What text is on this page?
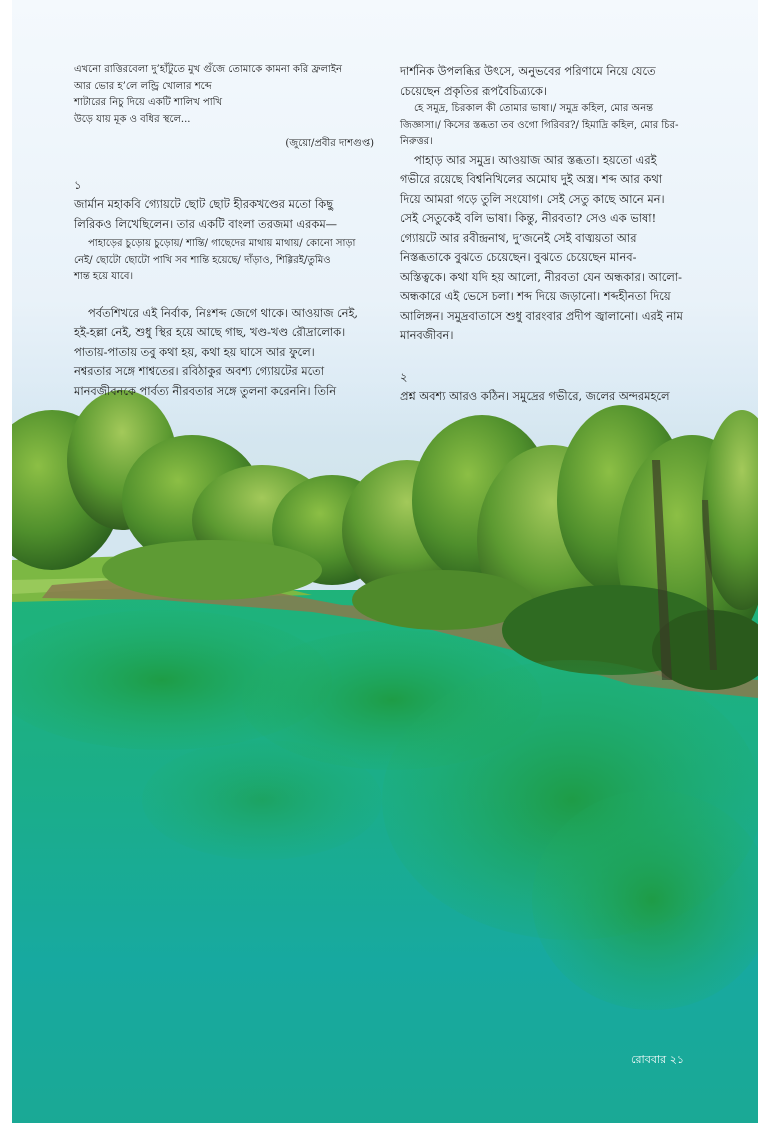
এখনো রাত্তিরবেলা দু’হাঁটুতে মুখ গুঁজে তোমাকে কামনা করি ফ্রলাইন

আর ভোর হ’লে লন্ড্রি খোলার শব্দে

শাটারের নিচু দিয়ে একটি শালিখ পাখি

উড়ে যায় মূক ও বধির স্থলে...

(জুয়ো/প্রবীর দাশগুপ্ত)

১

জার্মান মহাকবি গ্যোয়টে ছোট ছোট হীরকখণ্ডের মতো কিছু

লিরিকও লিখেছিলেন। তার একটি বাংলা তরজমা এরকম—

পাহাড়ের চুড়োয় চুড়োয়/ শান্তি/ গাছেদের মাথায় মাথায়/ কোনো সাড়া

নেই/ ছোটো ছোটো পাখি সব শান্তি হয়েছে/ দাঁড়াও, শিগ্গিরই/তুমিও

শান্ত হয়ে যাবে।

পর্বতশিখরে এই নির্বাক, নিঃশব্দ জেগে থাকে। আওয়াজ নেই,

হই-হল্লা নেই, শুধু স্থির হয়ে আছে গাছ, খণ্ড-খণ্ড রৌদ্রালোক।

পাতায়-পাতায় তবু কথা হয়, কথা হয় ঘাসে আর ফুলে।

নশ্বরতার সঙ্গে শাশ্বতের। রবিঠাকুর অবশ্য গ্যোয়টের মতো

মানবজীবনকে পার্বত্য নীরবতার সঙ্গে তুলনা করেননি। তিনি

দার্শনিক উপলব্ধির উৎসে, অনুভবের পরিণামে নিয়ে যেতে

চেয়েছেন প্রকৃতির রূপবৈচিত্র্যকে।

হে সমুদ্র, চিরকাল কী তোমার ভাষা।/ সমুদ্র কহিল, মোর অনন্ত

জিজ্ঞাসা।/ কিসের স্তব্ধতা তব ওগো গিরিবর?/ হিমাদ্রি কহিল, মোর চির-

নিরুত্তর।

পাহাড় আর সমুদ্র। আওয়াজ আর স্তব্ধতা। হয়তো এরই

গভীরে রয়েছে বিশ্বনিখিলের অমোঘ দুই অস্ত্র। শব্দ আর কথা

দিয়ে আমরা গড়ে তুলি সংযোগ। সেই সেতু কাছে আনে মন।

সেই সেতুকেই বলি ভাষা। কিন্তু, নীরবতা? সেও এক ভাষা!

গ্যোয়টে আর রবীন্দ্রনাথ, দু’জনেই সেই বাঙ্ময়তা আর

নিস্তব্ধতাকে বুঝতে চেয়েছেন। বুঝতে চেয়েছেন মানব-

অস্তিত্বকে। কথা যদি হয় আলো, নীরবতা যেন অন্ধকার। আলো-

অন্ধকারে এই ভেসে চলা। শব্দ দিয়ে জড়ানো। শব্দহীনতা দিয়ে

আলিঙ্গন। সমুদ্রবাতাসে শুধু বারংবার প্রদীপ জ্বালানো। এরই নাম

মানবজীবন।

২

প্রশ্ন অবশ্য আরও কঠিন। সমুদ্রের গভীরে, জলের অন্দরমহলে

রোববার ২১
